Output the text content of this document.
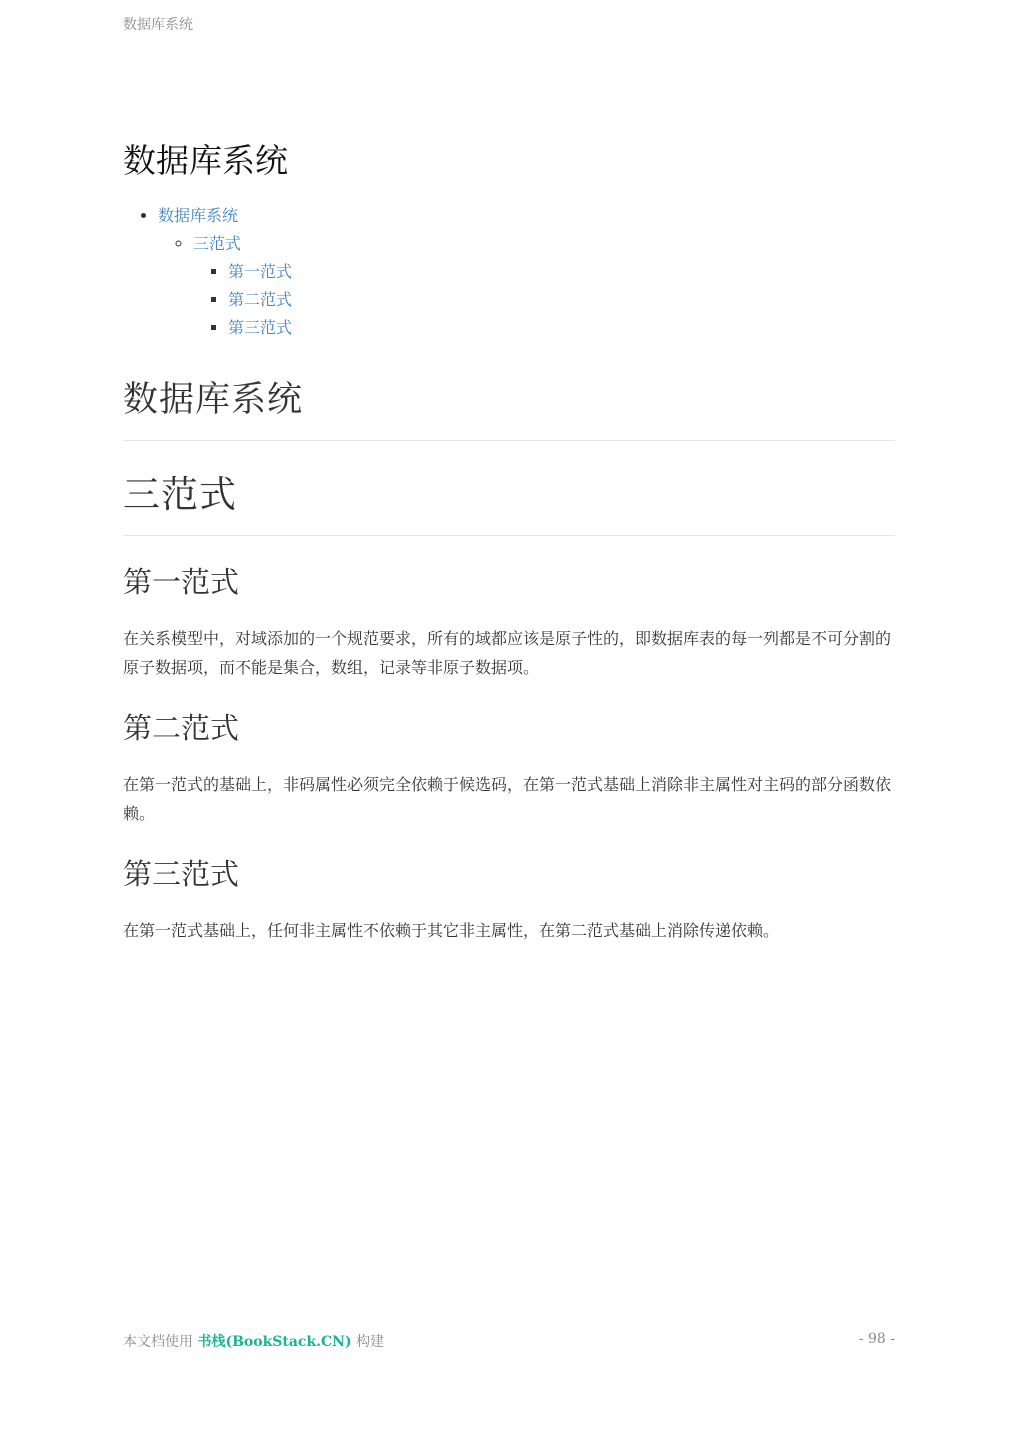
数据库系统
数据库系统
• 数据库系统
◦ 三范式
▪ 第一范式
▪ 第二范式
▪ 第三范式
数据库系统
三范式
第一范式

在关系模型中，对域添加的一个规范要求，所有的域都应该是原子性的，即数据库表的每一列都是不可分割的原子数据项，而不能是集合，数组，记录等非原子数据项。

第二范式

在第一范式的基础上，非码属性必须完全依赖于候选码，在第一范式基础上消除非主属性对主码的部分函数依赖。

第三范式

在第一范式基础上，任何非主属性不依赖于其它非主属性，在第二范式基础上消除传递依赖。

本文档使用 书栈(BookStack.CN) 构建	- 98 -
